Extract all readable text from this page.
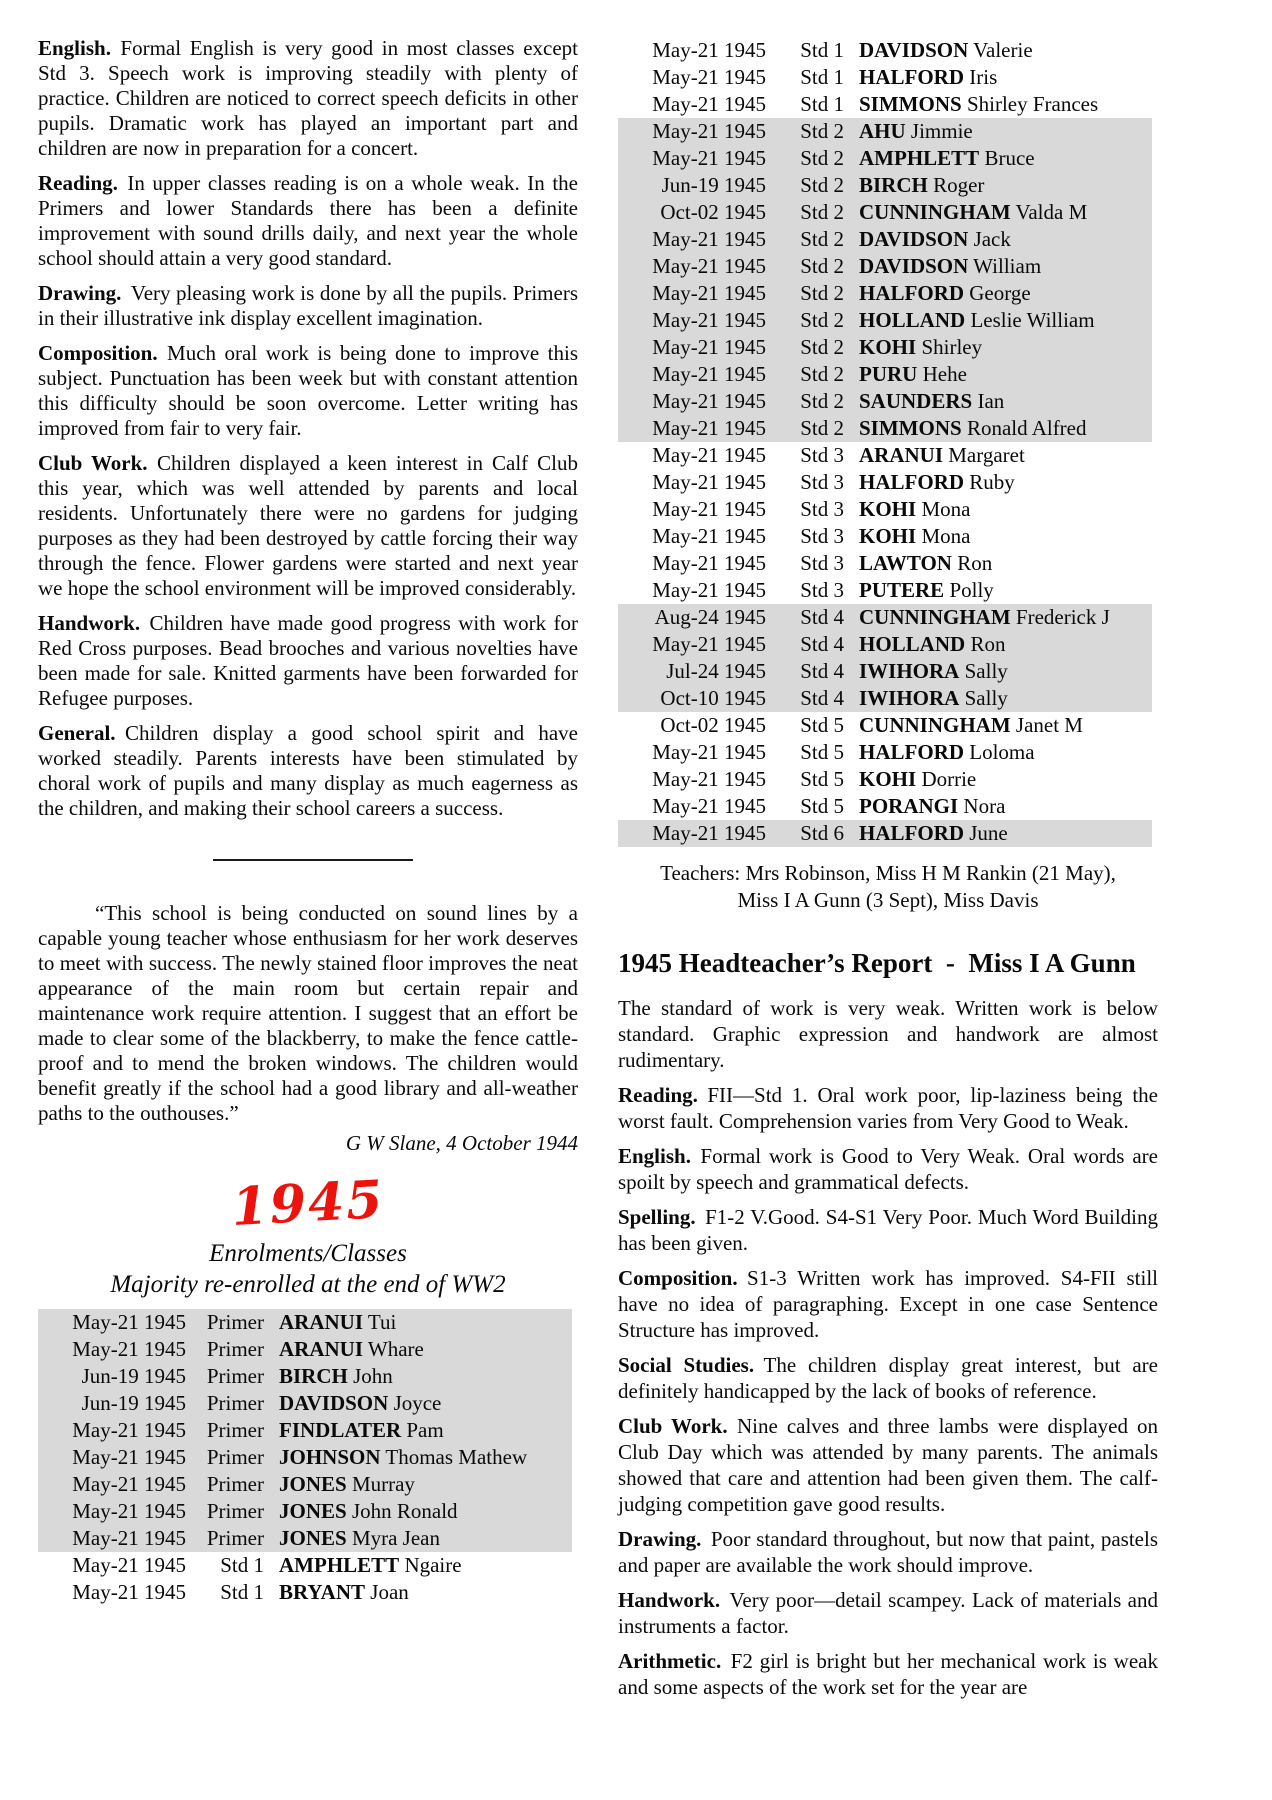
English. Formal English is very good in most classes except Std 3. Speech work is improving steadily with plenty of practice. Children are noticed to correct speech deficits in other pupils. Dramatic work has played an important part and children are now in preparation for a concert.

Reading. In upper classes reading is on a whole weak. In the Primers and lower Standards there has been a definite improvement with sound drills daily, and next year the whole school should attain a very good standard.

Drawing. Very pleasing work is done by all the pupils. Primers in their illustrative ink display excellent imagination.

Composition. Much oral work is being done to improve this subject. Punctuation has been week but with constant attention this difficulty should be soon overcome. Letter writing has improved from fair to very fair.

Club Work. Children displayed a keen interest in Calf Club this year, which was well attended by parents and local residents. Unfortunately there were no gardens for judging purposes as they had been destroyed by cattle forcing their way through the fence. Flower gardens were started and next year we hope the school environment will be improved considerably.

Handwork. Children have made good progress with work for Red Cross purposes. Bead brooches and various novelties have been made for sale. Knitted garments have been forwarded for Refugee purposes.

General. Children display a good school spirit and have worked steadily. Parents interests have been stimulated by choral work of pupils and many display as much eagerness as the children, and making their school careers a success.

“This school is being conducted on sound lines by a capable young teacher whose enthusiasm for her work deserves to meet with success. The newly stained floor improves the neat appearance of the main room but certain repair and maintenance work require attention. I suggest that an effort be made to clear some of the blackberry, to make the fence cattle-proof and to mend the broken windows. The children would benefit greatly if the school had a good library and all-weather paths to the outhouses.”

G W Slane, 4 October 1944

1945
Enrolments/Classes
Majority re-enrolled at the end of WW2
May-21 1945	Primer	ARANUI Tui
May-21 1945	Primer	ARANUI Whare
Jun-19 1945	Primer	BIRCH John
Jun-19 1945	Primer	DAVIDSON Joyce
May-21 1945	Primer	FINDLATER Pam
May-21 1945	Primer	JOHNSON Thomas Mathew
May-21 1945	Primer	JONES Murray
May-21 1945	Primer	JONES John Ronald
May-21 1945	Primer	JONES Myra Jean
May-21 1945	Std 1	AMPHLETT Ngaire
May-21 1945	Std 1	BRYANT Joan
May-21 1945	Std 1	DAVIDSON Valerie
May-21 1945	Std 1	HALFORD Iris
May-21 1945	Std 1	SIMMONS Shirley Frances
May-21 1945	Std 2	AHU Jimmie
May-21 1945	Std 2	AMPHLETT Bruce
Jun-19 1945	Std 2	BIRCH Roger
Oct-02 1945	Std 2	CUNNINGHAM Valda M
May-21 1945	Std 2	DAVIDSON Jack
May-21 1945	Std 2	DAVIDSON William
May-21 1945	Std 2	HALFORD George
May-21 1945	Std 2	HOLLAND Leslie William
May-21 1945	Std 2	KOHI Shirley
May-21 1945	Std 2	PURU Hehe
May-21 1945	Std 2	SAUNDERS Ian
May-21 1945	Std 2	SIMMONS Ronald Alfred
May-21 1945	Std 3	ARANUI Margaret
May-21 1945	Std 3	HALFORD Ruby
May-21 1945	Std 3	KOHI Mona
May-21 1945	Std 3	KOHI Mona
May-21 1945	Std 3	LAWTON Ron
May-21 1945	Std 3	PUTERE Polly
Aug-24 1945	Std 4	CUNNINGHAM Frederick J
May-21 1945	Std 4	HOLLAND Ron
Jul-24 1945	Std 4	IWIHORA Sally
Oct-10 1945	Std 4	IWIHORA Sally
Oct-02 1945	Std 5	CUNNINGHAM Janet M
May-21 1945	Std 5	HALFORD Loloma
May-21 1945	Std 5	KOHI Dorrie
May-21 1945	Std 5	PORANGI Nora
May-21 1945	Std 6	HALFORD June

Teachers: Mrs Robinson, Miss H M Rankin (21 May),
Miss I A Gunn (3 Sept), Miss Davis

1945 Headteacher’s Report  -  Miss I A Gunn

The standard of work is very weak. Written work is below standard. Graphic expression and handwork are almost rudimentary.

Reading. FII—Std 1. Oral work poor, lip-laziness being the worst fault. Comprehension varies from Very Good to Weak.

English. Formal work is Good to Very Weak. Oral words are spoilt by speech and grammatical defects.

Spelling. F1-2 V.Good. S4-S1 Very Poor. Much Word Building has been given.

Composition. S1-3 Written work has improved. S4-FII still have no idea of paragraphing. Except in one case Sentence Structure has improved.

Social Studies. The children display great interest, but are definitely handicapped by the lack of books of reference.

Club Work. Nine calves and three lambs were displayed on Club Day which was attended by many parents. The animals showed that care and attention had been given them. The calf-judging competition gave good results.

Drawing. Poor standard throughout, but now that paint, pastels and paper are available the work should improve.

Handwork. Very poor—detail scampey. Lack of materials and instruments a factor.

Arithmetic. F2 girl is bright but her mechanical work is weak and some aspects of the work set for the year are
